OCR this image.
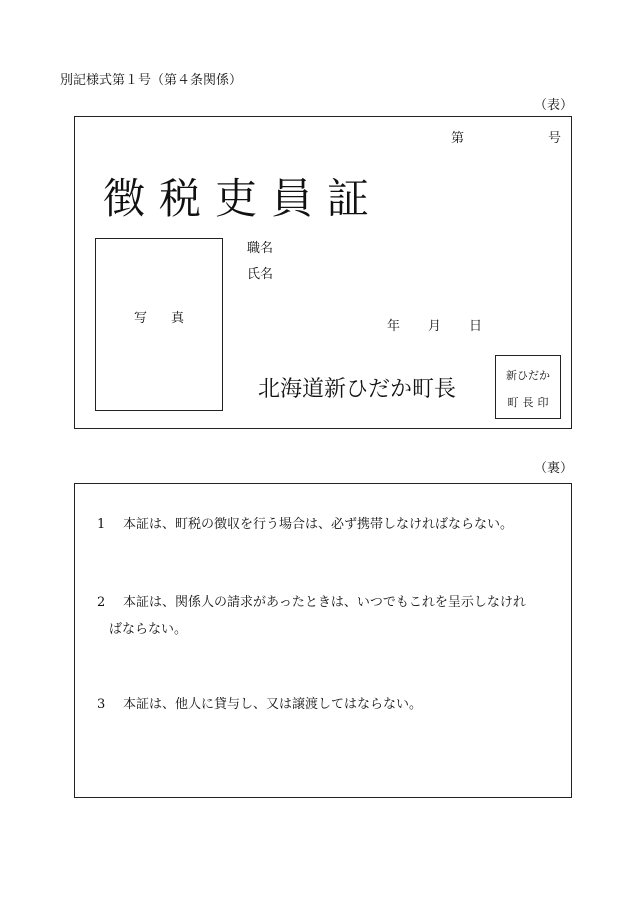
別記様式第１号（第４条関係）
（表）
第	号
徴税吏員証
写真
職名
氏名
年 月 日
北海道新ひだか町長
新ひだか
町長印
（裏）
1 本証は、町税の徴収を行う場合は、必ず携帯しなければならない。
2 本証は、関係人の請求があったときは、いつでもこれを呈示しなけれ
ばならない。
3 本証は、他人に貸与し、又は譲渡してはならない。
